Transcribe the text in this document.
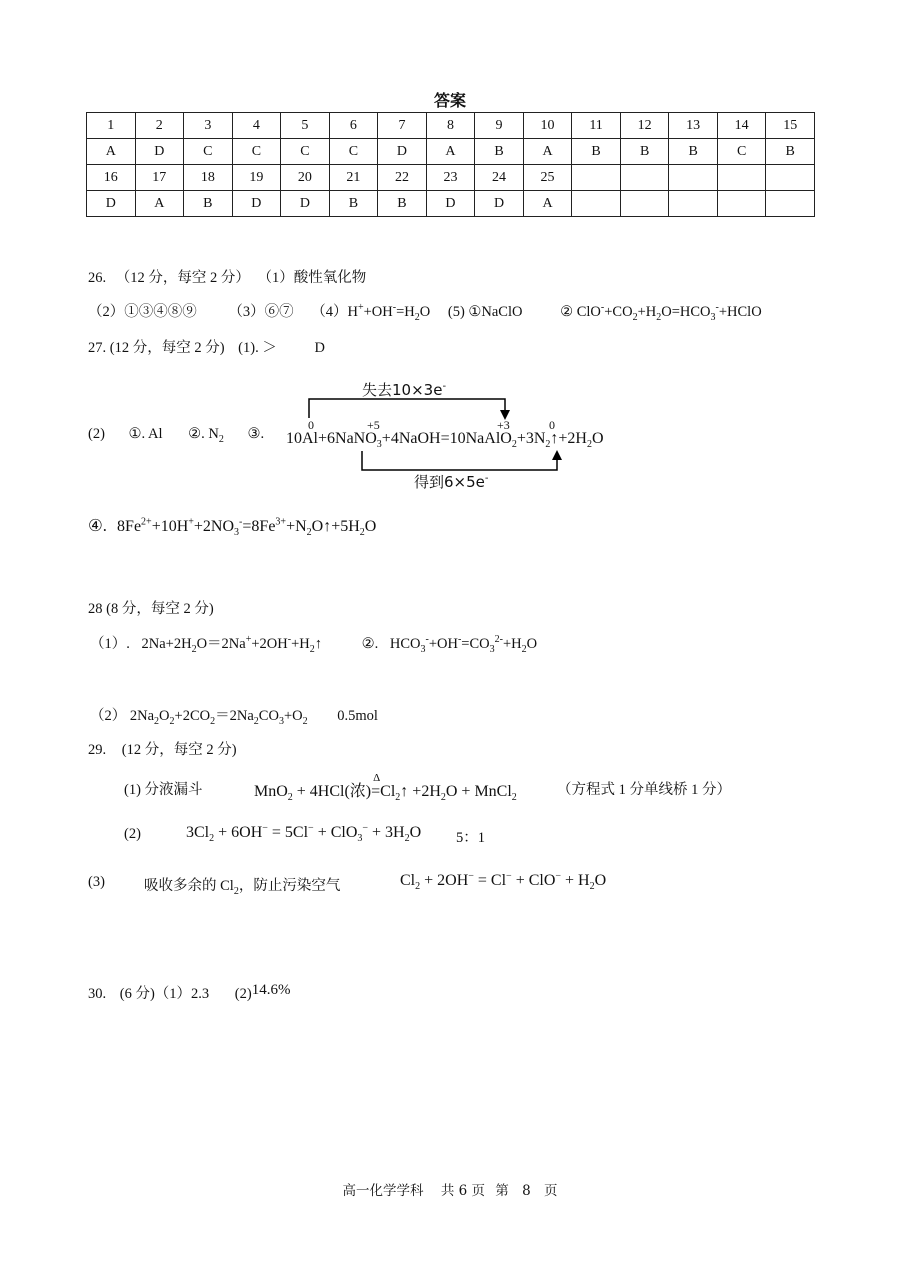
答案
1	2	3	4	5	6	7	8	9	10	11	12	13	14	15
A	D	C	C	C	C	D	A	B	A	B	B	B	C	B
16	17	18	19	20	21	22	23	24	25					
D	A	B	D	D	B	B	D	D	A					
26. （12 分，每空 2 分） （1）酸性氧化物
（2）①③④⑧⑨ （3）⑥⑦ $(4)H^++OH^-=H_2O$ (5) ①NaClO	② $ClO^-+CO_2+H_2O=HCO_3^-+HClO$
27. (12 分，每空 2 分) (1). ＞	D
失去10×3e-
得到6×5e-
0	+5	+3	0
(2) ①. Al ②. $N_2$ ③. $10Al+6NaNO_3+4NaOH=10NaAlO_2+3N_2↑+2H_2O$
④. $8Fe^{2+}+10H^++2NO_3^-=8Fe^{3+}+N_2O↑+5H_2O$
28 (8 分，每空 2 分)
（1）. $2Na+2H_2O=2Na^++2OH^-+H_2↑$	②. $HCO_3^-+OH^-=CO_3^{2-}+H_2O$
（2） $2Na_2O_2+2CO_2=2Na_2CO_3+O_2$ 0.5mol
29. (12 分，每空 2 分)
(1) 分液漏斗	MnO$_2$ + 4HCl(浓)
Δ
$=Cl_2↑ +2H_2O$ + MnCl$_2$	（方程式 1 分单线桥 1 分）
(2)	$3Cl_2 + 6OH^- = 5Cl^- + ClO_3^- + 3H_2O$ 5：1
(3)	吸收多余的 $Cl_2$，防止污染空气	$Cl_2 + 2OH^- = Cl^- + ClO^- + H_2O$
30. (6 分)（1）2.3 (2)14.6%
高一化学学科 共 6 页 第 8 页
